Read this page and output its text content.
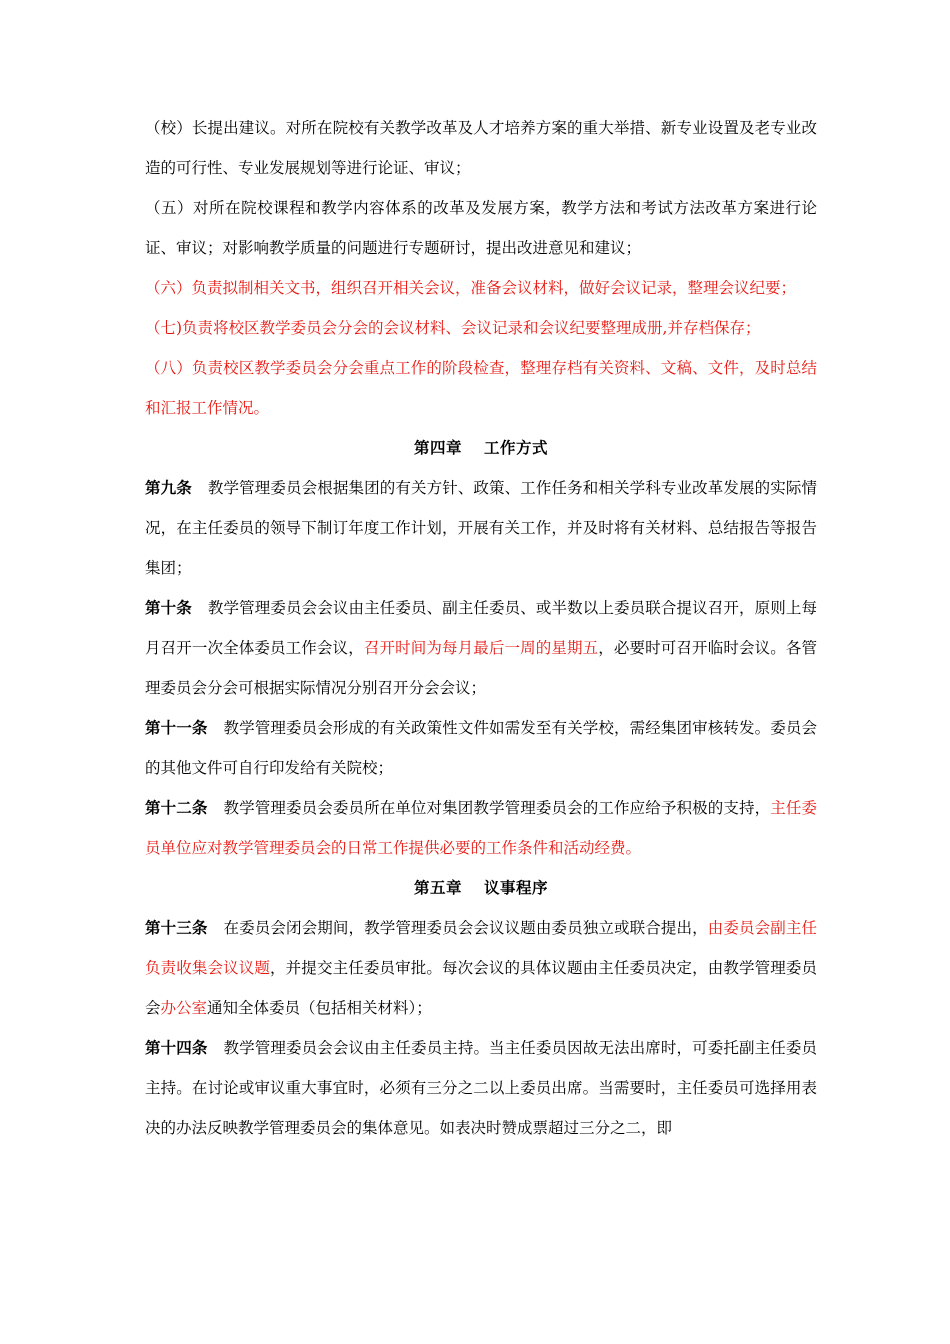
（校）长提出建议。对所在院校有关教学改革及人才培养方案的重大举措、新专业设置及老专业改造的可行性、专业发展规划等进行论证、审议；

（五）对所在院校课程和教学内容体系的改革及发展方案，教学方法和考试方法改革方案进行论证、审议；对影响教学质量的问题进行专题研讨，提出改进意见和建议；

（六）负责拟制相关文书，组织召开相关会议，准备会议材料，做好会议记录，整理会议纪要；

（七)负责将校区教学委员会分会的会议材料、会议记录和会议纪要整理成册,并存档保存；

（八）负责校区教学委员会分会重点工作的阶段检查，整理存档有关资料、文稿、文件，及时总结和汇报工作情况。

第四章 工作方式

第九条 教学管理委员会根据集团的有关方针、政策、工作任务和相关学科专业改革发展的实际情况，在主任委员的领导下制订年度工作计划，开展有关工作，并及时将有关材料、总结报告等报告集团；

第十条 教学管理委员会会议由主任委员、副主任委员、或半数以上委员联合提议召开，原则上每月召开一次全体委员工作会议，召开时间为每月最后一周的星期五，必要时可召开临时会议。各管理委员会分会可根据实际情况分别召开分会会议；

第十一条 教学管理委员会形成的有关政策性文件如需发至有关学校，需经集团审核转发。委员会的其他文件可自行印发给有关院校；

第十二条 教学管理委员会委员所在单位对集团教学管理委员会的工作应给予积极的支持，主任委员单位应对教学管理委员会的日常工作提供必要的工作条件和活动经费。

第五章 议事程序

第十三条 在委员会闭会期间，教学管理委员会会议议题由委员独立或联合提出，由委员会副主任负责收集会议议题，并提交主任委员审批。每次会议的具体议题由主任委员决定，由教学管理委员会办公室通知全体委员（包括相关材料）；

第十四条 教学管理委员会会议由主任委员主持。当主任委员因故无法出席时，可委托副主任委员主持。在讨论或审议重大事宜时，必须有三分之二以上委员出席。当需要时，主任委员可选择用表决的办法反映教学管理委员会的集体意见。如表决时赞成票超过三分之二，即
